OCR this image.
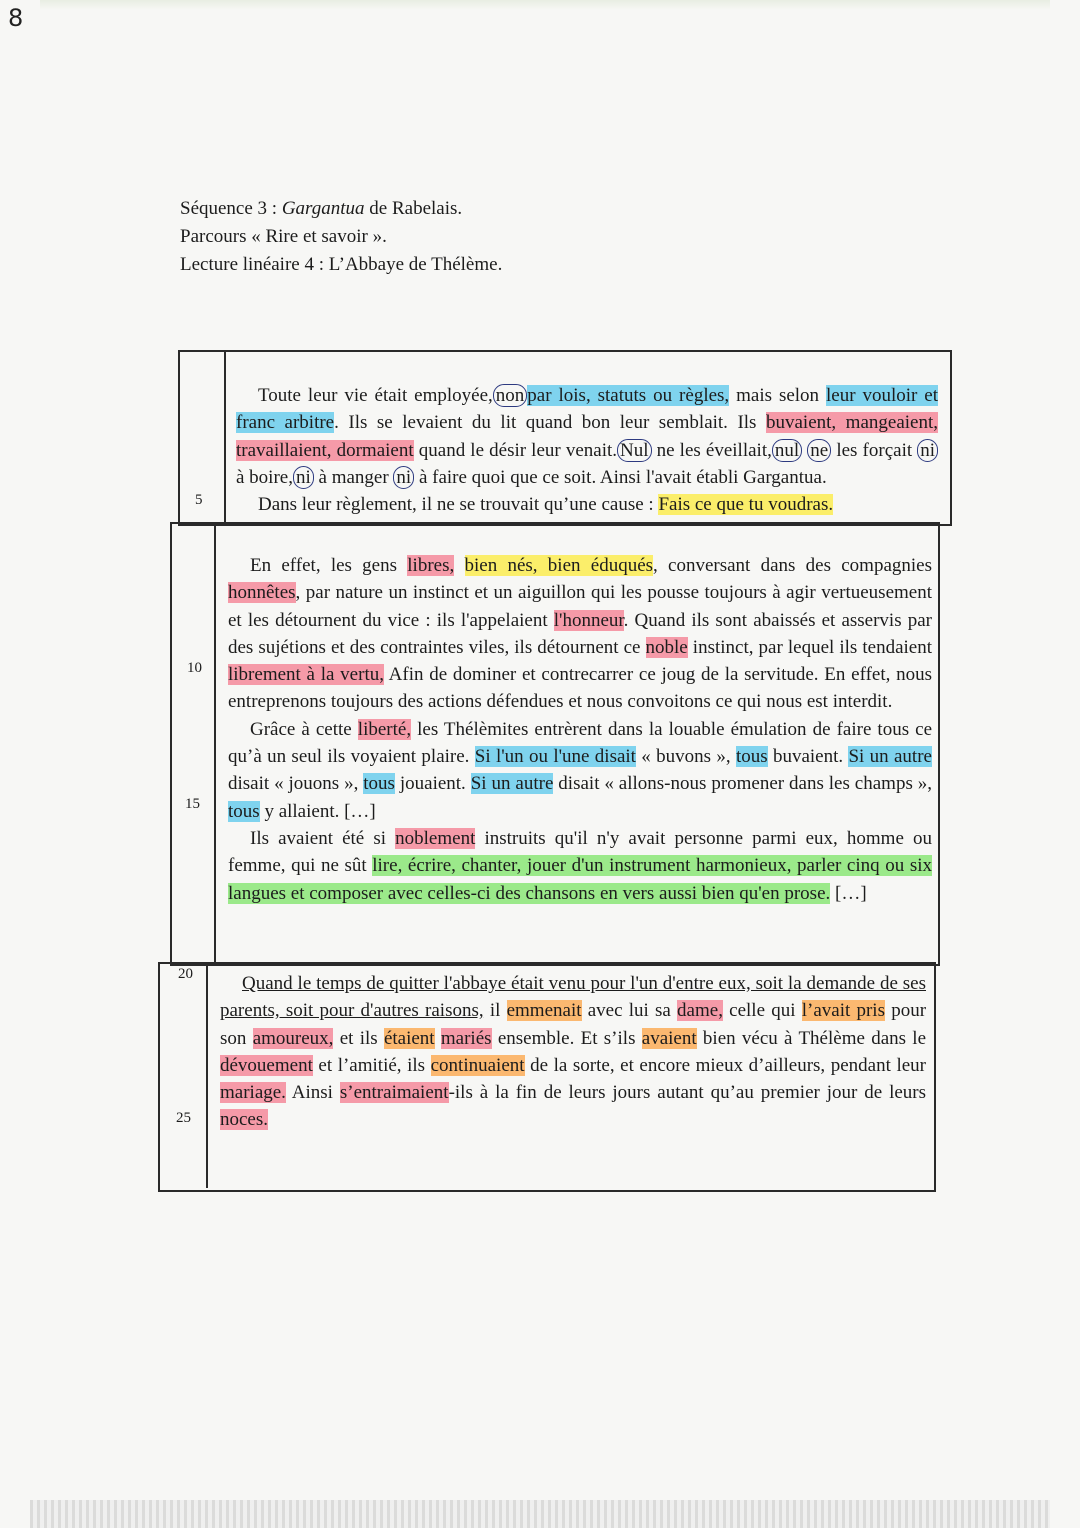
8
Séquence 3 : Gargantua de Rabelais.
Parcours « Rire et savoir ».
Lecture linéaire 4 : L’Abbaye de Thélème.
5
10
15
20
25

Toute leur vie était employée, non par lois, statuts ou règles, mais selon leur vouloir et franc arbitre. Ils se levaient du lit quand bon leur semblait. Ils buvaient, mangeaient, travaillaient, dormaient quand le désir leur venait. Nul ne les éveillait, nul ne les forçait ni à boire, ni à manger ni à faire quoi que ce soit. Ainsi l'avait établi Gargantua.

Dans leur règlement, il ne se trouvait qu’une cause : Fais ce que tu voudras.

En effet, les gens libres, bien nés, bien éduqués, conversant dans des compagnies honnêtes, par nature un instinct et un aiguillon qui les pousse toujours à agir vertueusement et les détournent du vice : ils l'appelaient l'honneur. Quand ils sont abaissés et asservis par des sujétions et des contraintes viles, ils détournent ce noble instinct, par lequel ils tendaient librement à la vertu, Afin de dominer et contrecarrer ce joug de la servitude. En effet, nous entreprenons toujours des actions défendues et nous convoitons ce qui nous est interdit.

Grâce à cette liberté, les Thélèmites entrèrent dans la louable émulation de faire tous ce qu’à un seul ils voyaient plaire. Si l'un ou l'une disait « buvons », tous buvaient. Si un autre disait « jouons », tous jouaient. Si un autre disait « allons-nous promener dans les champs », tous y allaient. […]

Ils avaient été si noblement instruits qu'il n'y avait personne parmi eux, homme ou femme, qui ne sût lire, écrire, chanter, jouer d'un instrument harmonieux, parler cinq ou six langues et composer avec celles-ci des chansons en vers aussi bien qu'en prose. […]

Quand le temps de quitter l'abbaye était venu pour l'un d'entre eux, soit la demande de ses parents, soit pour d'autres raisons, il emmenait avec lui sa dame, celle qui l’avait pris pour son amoureux, et ils étaient mariés ensemble. Et s’ils avaient bien vécu à Thélème dans le dévouement et l’amitié, ils continuaient de la sorte, et encore mieux d’ailleurs, pendant leur mariage. Ainsi s’entraimaient-ils à la fin de leurs jours autant qu’au premier jour de leurs noces.
